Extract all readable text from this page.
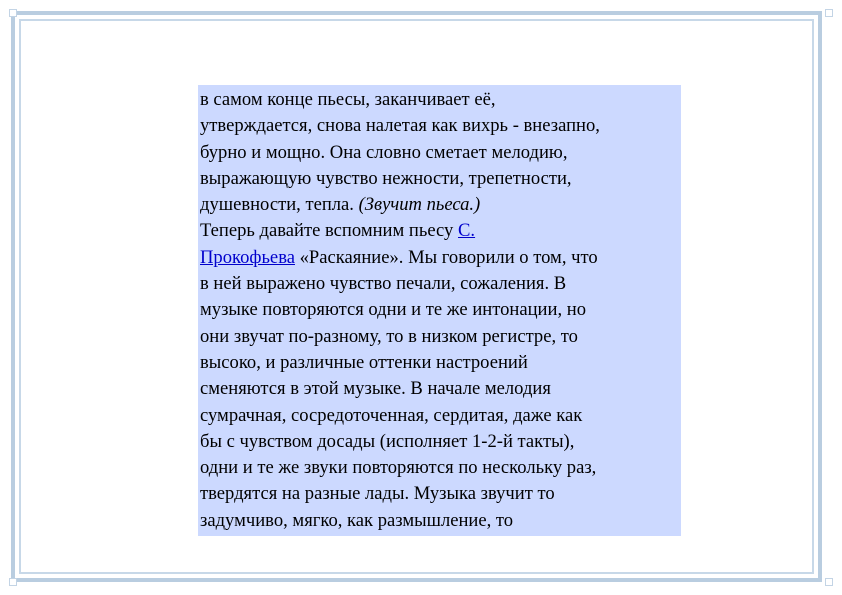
в самом конце пьесы, заканчивает её,
утверждается, снова налетая как вихрь - внезапно,
бурно и мощно. Она словно сметает мелодию,
выражающую чувство нежности, трепетности,
душевности, тепла. (Звучит пьеса.)
Теперь давайте вспомним пьесу С.
Прокофьева «Раскаяние». Мы говорили о том, что
в ней выражено чувство печали, сожаления. В
музыке повторяются одни и те же интонации, но
они звучат по-разному, то в низком регистре, то
высоко, и различные оттенки настроений
сменяются в этой музыке. В начале мелодия
сумрачная, сосредоточенная, сердитая, даже как
бы с чувством досады (исполняет 1-2-й такты),
одни и те же звуки повторяются по нескольку раз,
твердятся на разные лады. Музыка звучит то
задумчиво, мягко, как размышление, то
